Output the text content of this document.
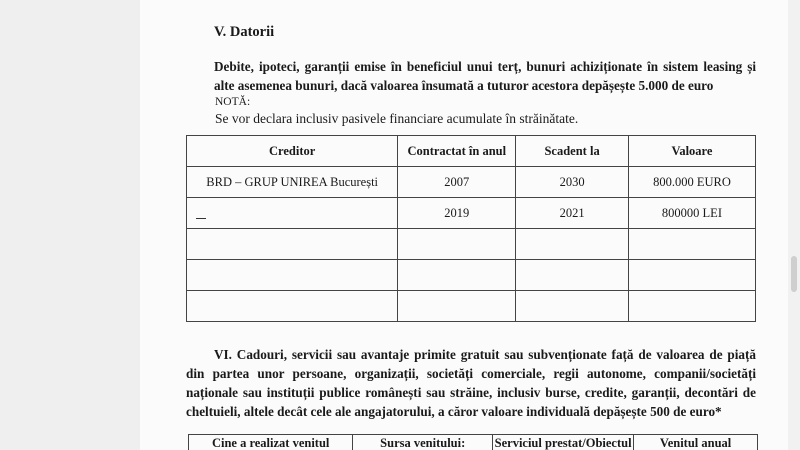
V. Datorii
Debite, ipoteci, garanții emise în beneficiul unui terț, bunuri achiziționate în sistem leasing și alte asemenea bunuri, dacă valoarea însumată a tuturor acestora depășește 5.000 de euro
NOTĂ:
Se vor declara inclusiv pasivele financiare acumulate în străinătate.
Creditor	Contractat în anul	Scadent la	Valoare
BRD – GRUP UNIREA București	2007	2030	800.000 EURO
	2019	2021	800000 LEI

VI. Cadouri, servicii sau avantaje primite gratuit sau subvenționate față de valoarea de piață din partea unor persoane, organizații, societăți comerciale, regii autonome, companii/societăți naționale sau instituții publice românești sau străine, inclusiv burse, credite, garanții, decontări de cheltuieli, altele decât cele ale angajatorului, a căror valoare individuală depășește 500 de euro*
Cine a realizat venitul	Sursa venitului:	Serviciul prestat/Obiectul	Venitul anual
